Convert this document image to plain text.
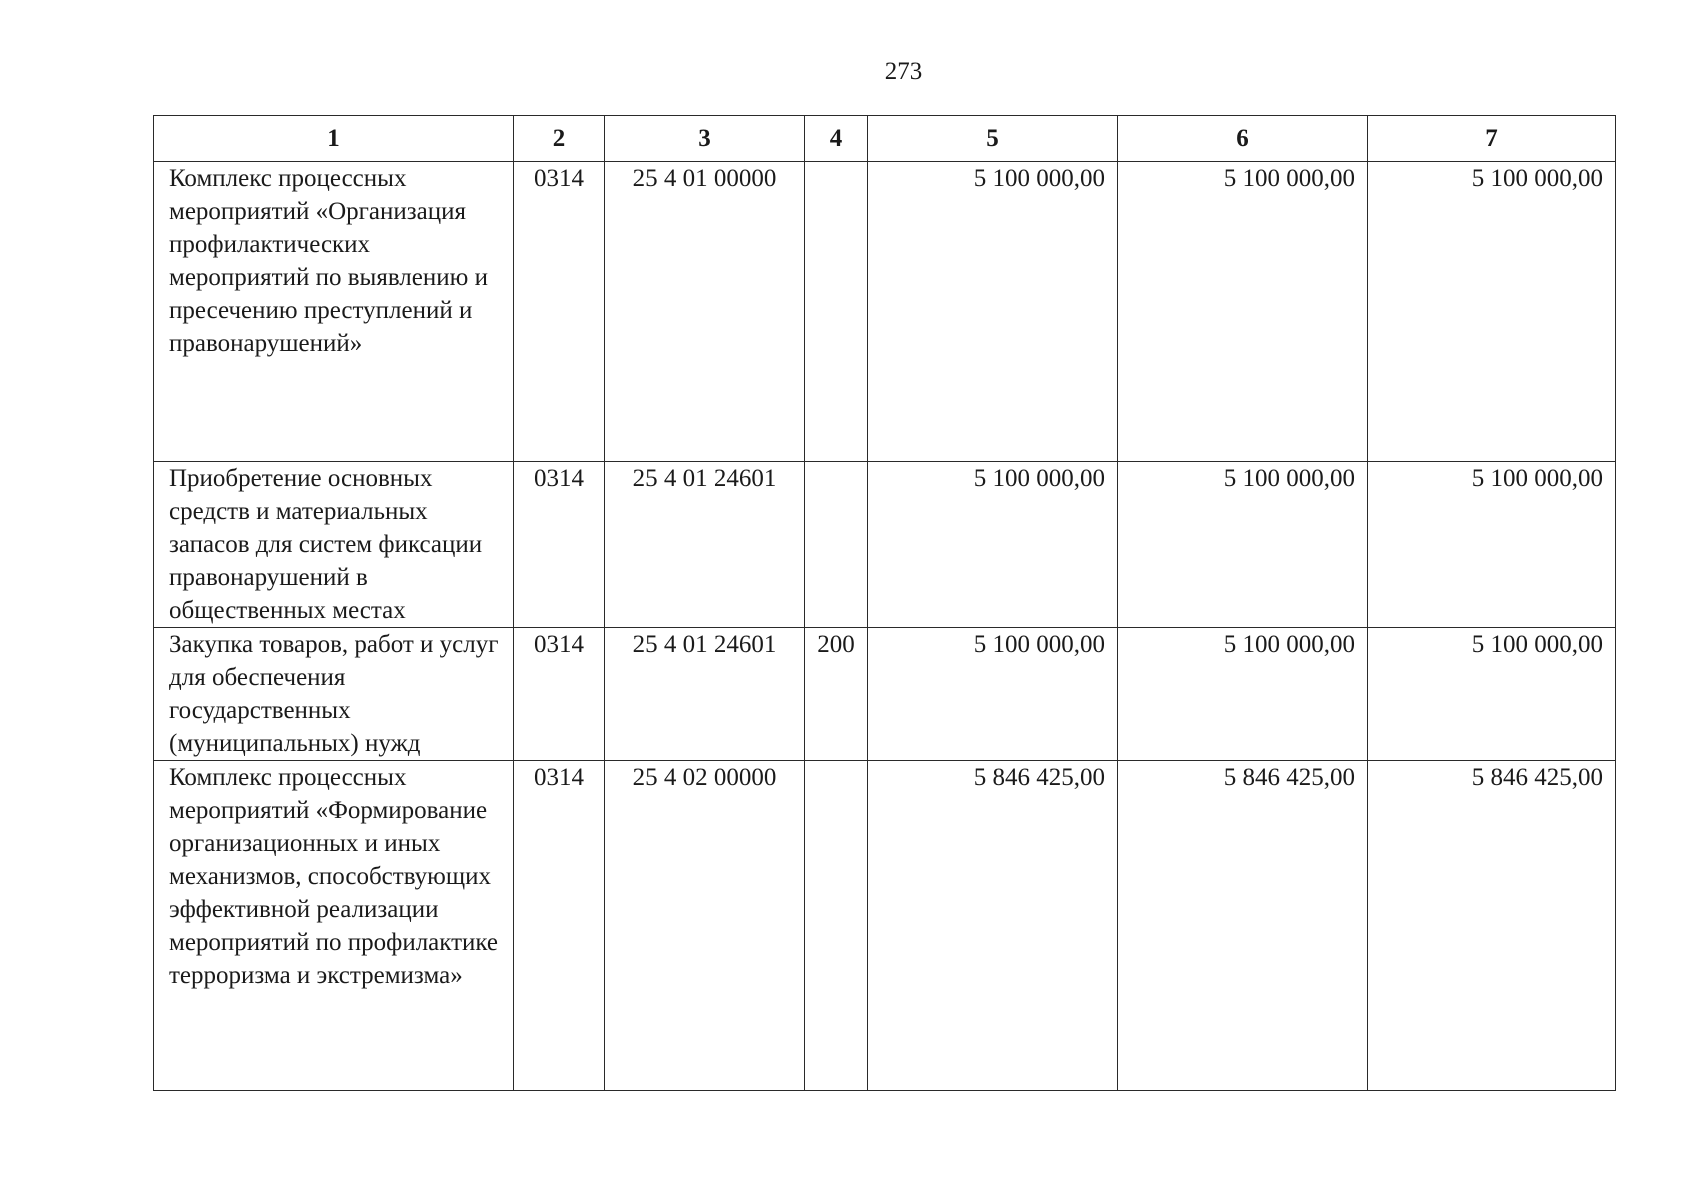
273
1	2	3	4	5	6	7
Комплекс процессных мероприятий «Организация профилактических мероприятий по выявлению и пресечению преступлений и правонарушений»	0314	25 4 01 00000		5 100 000,00	5 100 000,00	5 100 000,00
Приобретение основных средств и материальных запасов для систем фиксации правонарушений в общественных местах	0314	25 4 01 24601		5 100 000,00	5 100 000,00	5 100 000,00
Закупка товаров, работ и услуг для обеспечения государственных (муниципальных) нужд	0314	25 4 01 24601	200	5 100 000,00	5 100 000,00	5 100 000,00
Комплекс процессных мероприятий «Формирование организационных и иных механизмов, способствующих эффективной реализации мероприятий по профилактике терроризма и экстремизма»	0314	25 4 02 00000		5 846 425,00	5 846 425,00	5 846 425,00
